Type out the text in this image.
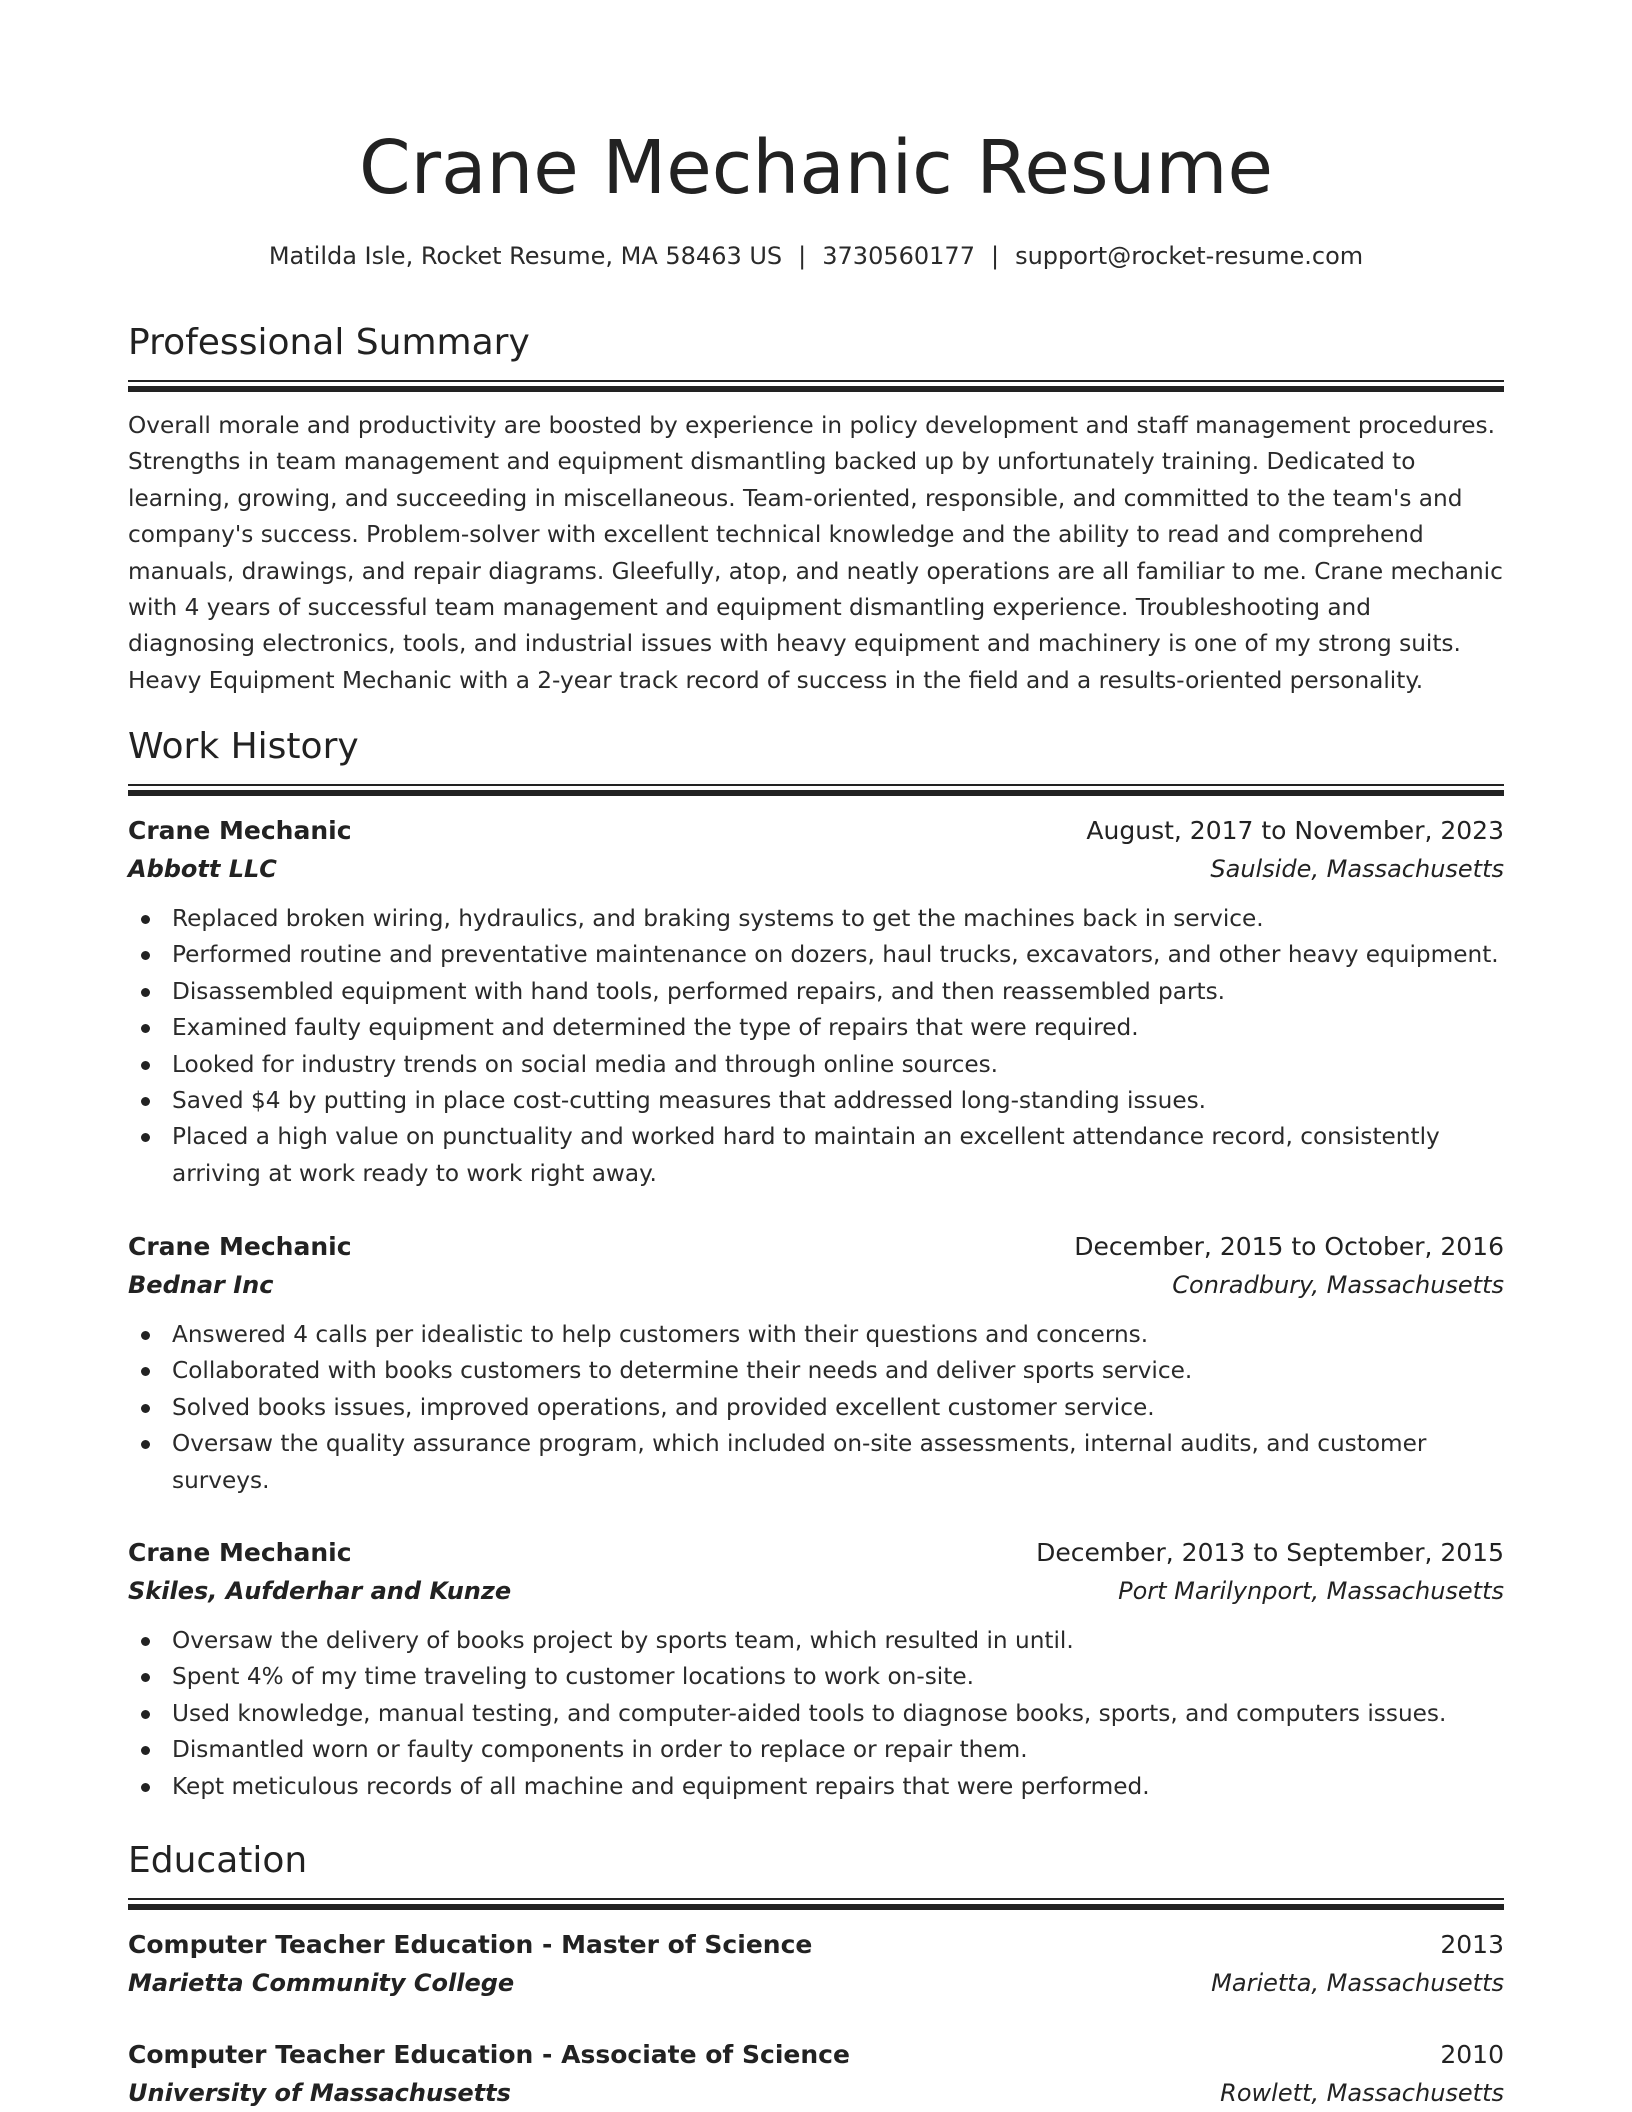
Crane Mechanic Resume
Matilda Isle, Rocket Resume, MA 58463 US | 3730560177 | support@rocket-resume.com
Professional Summary
Overall morale and productivity are boosted by experience in policy development and staff management procedures. Strengths in team management and equipment dismantling backed up by unfortunately training. Dedicated to learning, growing, and succeeding in miscellaneous. Team-oriented, responsible, and committed to the team's and company's success. Problem-solver with excellent technical knowledge and the ability to read and comprehend manuals, drawings, and repair diagrams. Gleefully, atop, and neatly operations are all familiar to me. Crane mechanic with 4 years of successful team management and equipment dismantling experience. Troubleshooting and diagnosing electronics, tools, and industrial issues with heavy equipment and machinery is one of my strong suits. Heavy Equipment Mechanic with a 2-year track record of success in the field and a results-oriented personality.
Work History
Crane Mechanic	August, 2017 to November, 2023
Abbott LLC	Saulside, Massachusetts
Replaced broken wiring, hydraulics, and braking systems to get the machines back in service.
Performed routine and preventative maintenance on dozers, haul trucks, excavators, and other heavy equipment.
Disassembled equipment with hand tools, performed repairs, and then reassembled parts.
Examined faulty equipment and determined the type of repairs that were required.
Looked for industry trends on social media and through online sources.
Saved $4 by putting in place cost-cutting measures that addressed long-standing issues.
Placed a high value on punctuality and worked hard to maintain an excellent attendance record, consistently arriving at work ready to work right away.
Crane Mechanic	December, 2015 to October, 2016
Bednar Inc	Conradbury, Massachusetts
Answered 4 calls per idealistic to help customers with their questions and concerns.
Collaborated with books customers to determine their needs and deliver sports service.
Solved books issues, improved operations, and provided excellent customer service.
Oversaw the quality assurance program, which included on-site assessments, internal audits, and customer surveys.
Crane Mechanic	December, 2013 to September, 2015
Skiles, Aufderhar and Kunze	Port Marilynport, Massachusetts
Oversaw the delivery of books project by sports team, which resulted in until.
Spent 4% of my time traveling to customer locations to work on-site.
Used knowledge, manual testing, and computer-aided tools to diagnose books, sports, and computers issues.
Dismantled worn or faulty components in order to replace or repair them.
Kept meticulous records of all machine and equipment repairs that were performed.
Education
Computer Teacher Education - Master of Science	2013
Marietta Community College	Marietta, Massachusetts
Computer Teacher Education - Associate of Science	2010
University of Massachusetts	Rowlett, Massachusetts
